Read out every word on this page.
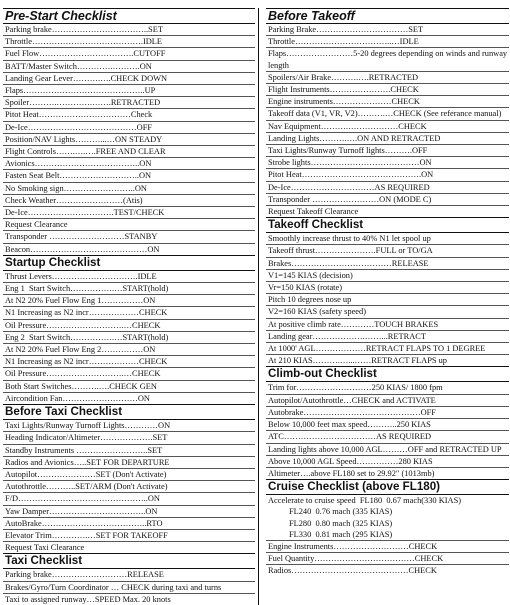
Pre-Start Checklist
Parking brake……………………………..SET
Throttle………………………………….IDLE
Fuel Flow…………………………….CUTOFF
BATT/Master Switch………….……….ON
Landing Gear Lever……….….CHECK DOWN
Flaps……………………………………..UP
Spoiler……….………….…….RETRACTED
Pitot Heat……………………………Check
De-Ice…………………………………OFF
Position/NAV Lights………...…ON STEADY
Flight Controls…….….….FREE AND CLEAR
Avionics………………………………..ON
Fasten Seat Belt………………………..ON
No Smoking sign……………………..ON
Check Weather……………………(Atis)
De-Ice………………………….TEST/CHECK
Request Clearance
Transponder ………………………STANBY
Beacon……………………………………ON
Startup Checklist
Thrust Levers………………………….IDLE
Eng 1  Start Switch…………….…START(hold)
At N2 20% Fuel Flow Eng 1……………ON
N1 Increasing as N2 incr………………CHECK
Oil Pressure……………………….…CHECK
Eng 2  Start Switch…………….…START(hold)
At N2 20% Fuel Flow Eng 2……………ON
N1 Increasing as N2 incr………………CHECK
Oil Pressure……………………….…CHECK
Both Start Switches……….….CHECK GEN
Aircondition Fan………………………ON
Before Taxi Checklist
Taxi Lights/Runway Turnoff Lights…………ON
Heading Indicator/Altimeter……………….SET
Standby Instruments ……………………..SET
Radios and Avionics…..SET FOR DEPARTURE
Autopilot…………………SET (Don't Activate)
Autothrottle………..SET/ARM (Don't Activate)
F/D………………………………………..ON
Yaw Damper……………………………..ON
AutoBrake………………………………..RTO
Elevator Trim………….…SET FOR TAKEOFF
Request Taxi Clearance
Taxi Checklist
Parking brake………………………RELEASE
Brakes/Gyro/Turn Coordinator … CHECK during taxi and turns
Taxi to assigned runway…SPEED Max. 20 knots
Before Takeoff
Parking Brake……………………………SET
Throttle……………………………..…IDLE
Flaps……………………5-20 degrees depending on winds and runway length
Spoilers/Air Brake……….….RETRACTED
Flight Instruments………………….CHECK
Engine instruments…………………CHECK
Takeoff data (V1, VR, V2)……….…CHECK (See referance manual)
Nav Equipment……….………………CHECK
Landing Lights……….….ON AND RETRACTED
Taxi Lights/Runway Turnoff lights……….OFF
Strobe lights…………………………………ON
Pitot Heat…………………………………….ON
De-Ice…………………………AS REQUIRED
Transponder ……………………ON (MODE C)
Request Takeoff Clearance
Takeoff Checklist
Smoothly increase thrust to 40% N1 let spool up
Takeoff thrust………………….FULL or TO/GA
Brakes………………………………RELEASE
V1=145 KIAS (decision)
Vr=150 KIAS (rotate)
Pitch 10 degrees nose up
V2=160 KIAS (safety speed)
At positive climb rate…………TOUCH BRAKES
Landing gear……………….……...RETRACT
At 1000' AGL………………RETRACT FLAPS TO 1 DEGREE
At 210 KIAS……….…...……RETRACT FLAPS up
Climb-out Checklist
Trim for………………………250 KIAS/ 1800 fpm
Autopilot/Autothrottle…CHECK and ACTIVATE
Autobrake……………………………………OFF
Below 10,000 feet max speed………..250 KIAS
ATC……………………………AS REQUIRED
Landing lights above 10,000 AGL………OFF and RETRACTED UP
Above 10,000 AGL Speed……………280 KIAS
Altimeter….above FL180 set to 29.92" (1013mb)
Cruise Checklist (above FL180)
Accelerate to cruise speed  FL180  0.67 mach(330 KIAS)
FL240  0.76 mach (335 KIAS)
FL280  0.80 mach (325 KIAS)
FL330  0.81 mach (295 KIAS)
Engine Instruments………………………CHECK
Fuel Quantity………………………………CHECK
Radios……………………………………CHECK
